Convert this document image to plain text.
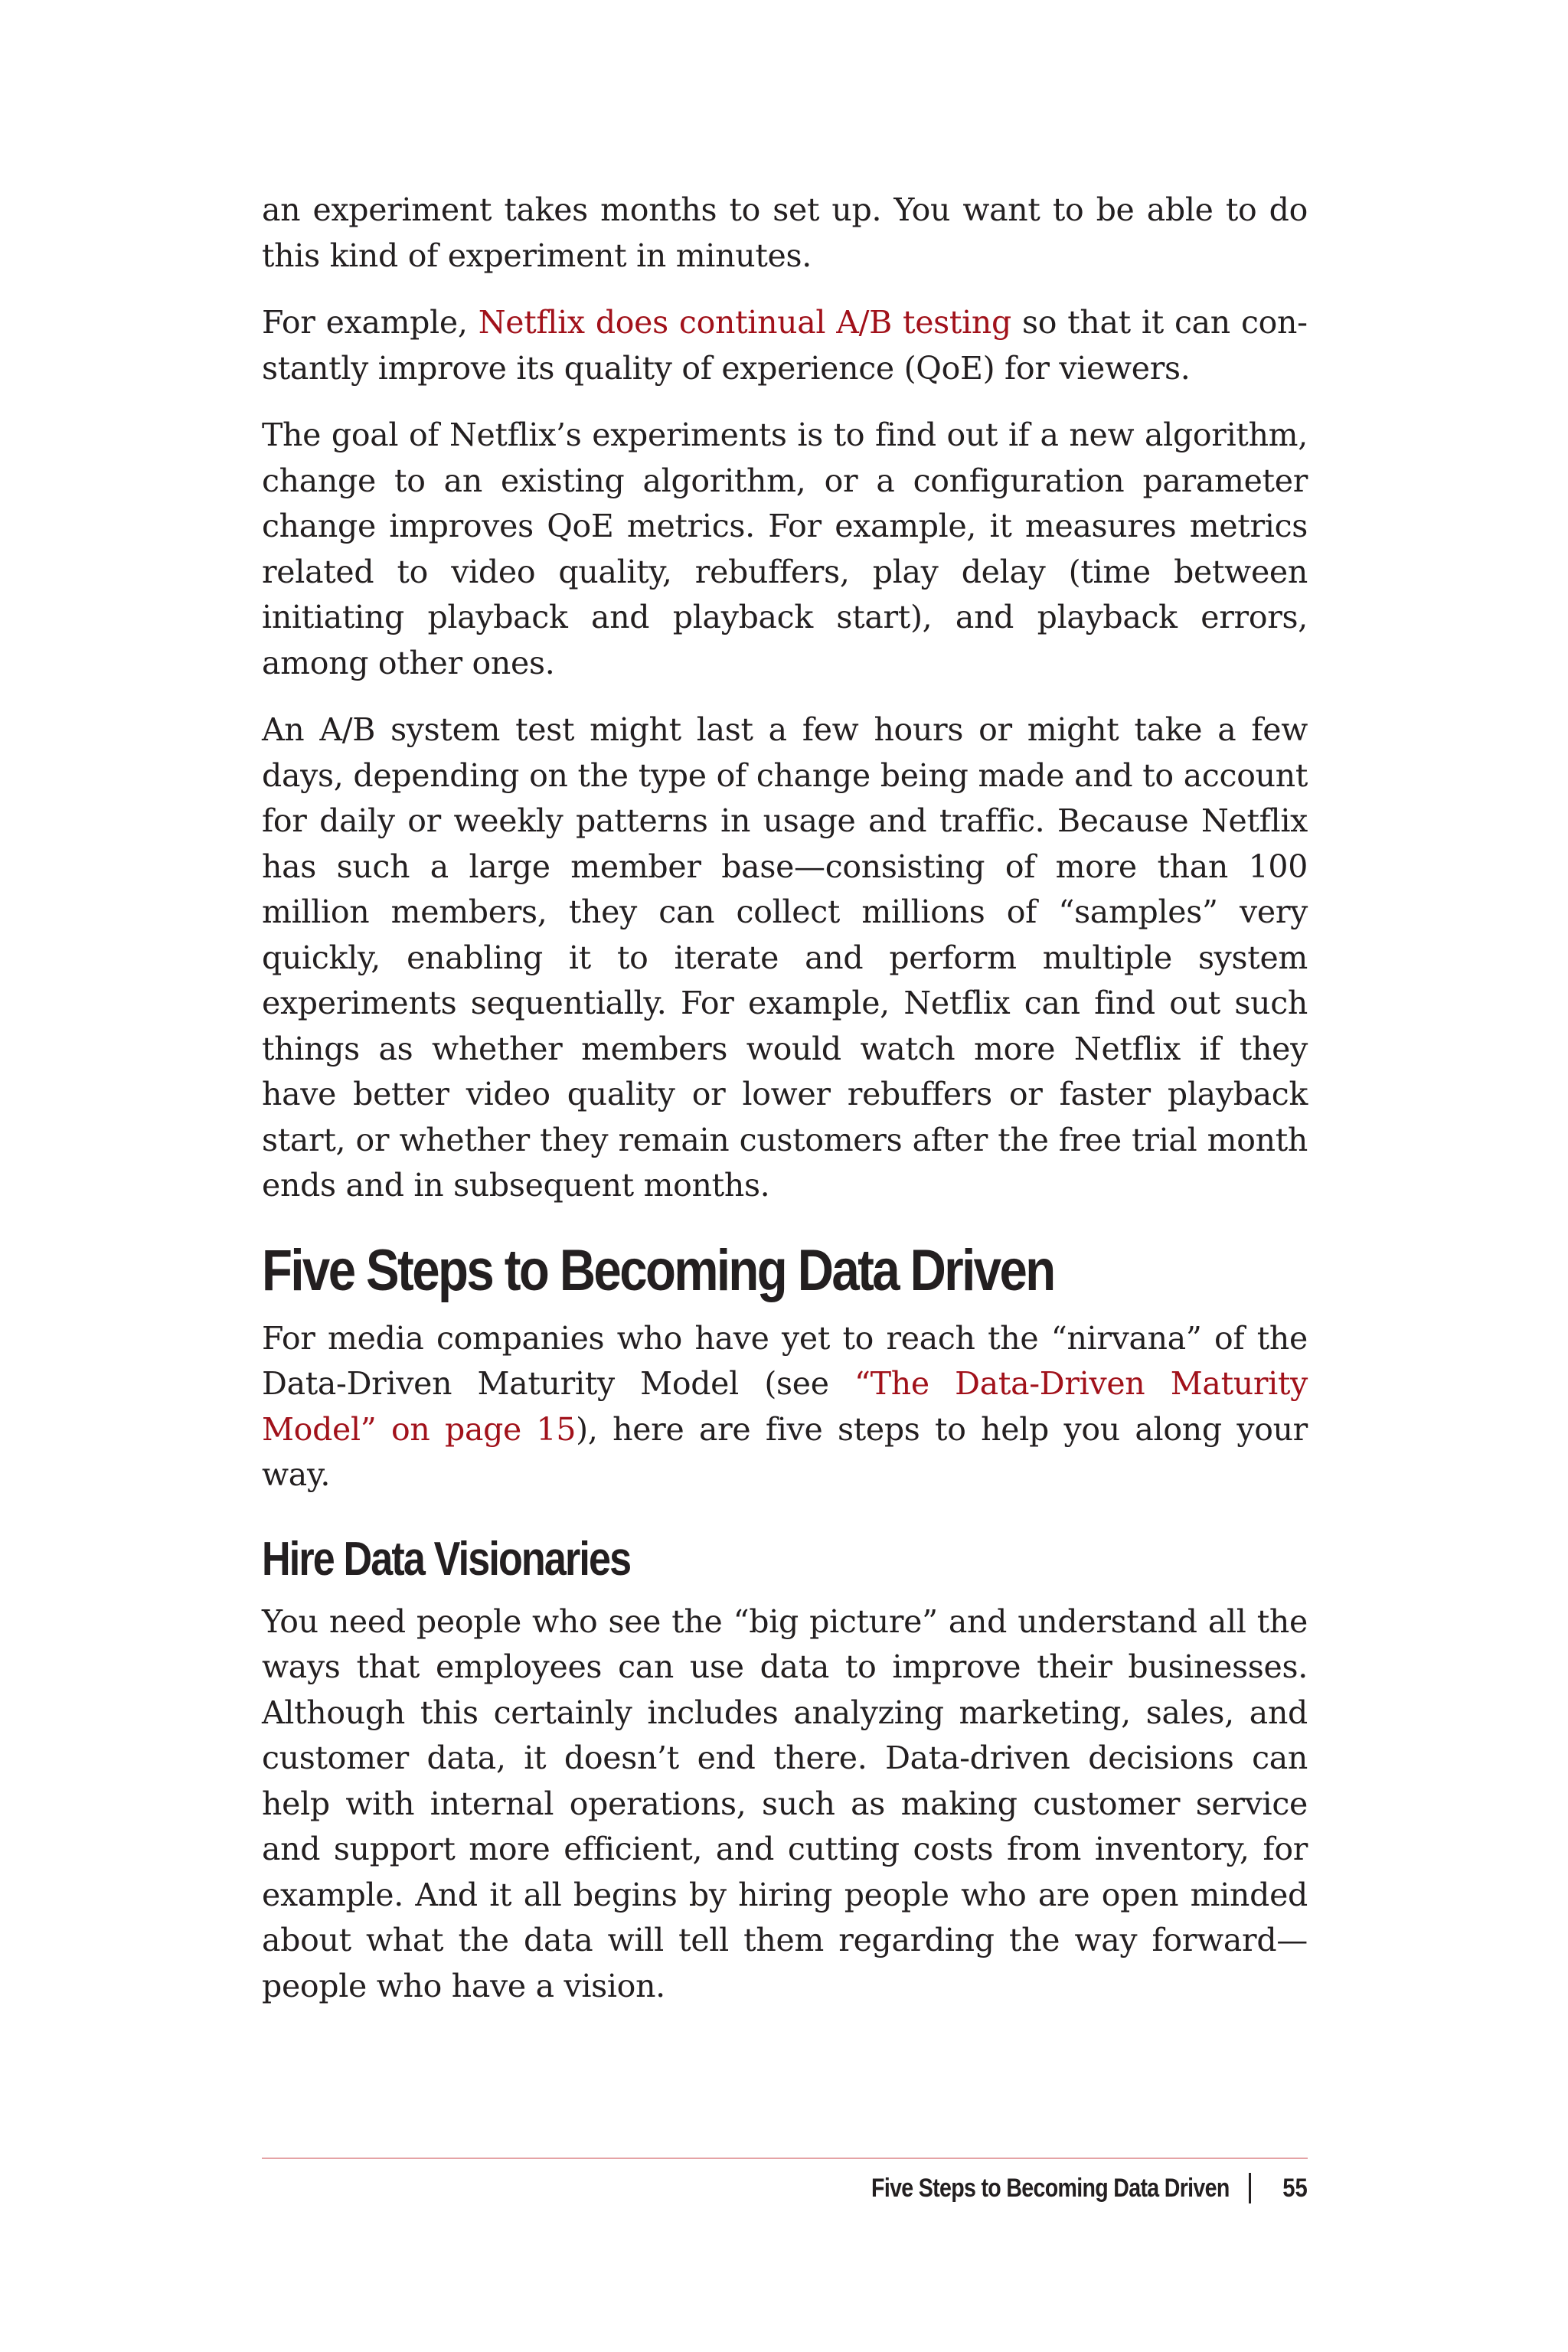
an experiment takes months to set up. You want to be able to do this kind of experiment in minutes.

For example, Netflix does continual A/B testing so that it can constantly improve its quality of experience (QoE) for viewers.

The goal of Netflix’s experiments is to find out if a new algorithm, change to an existing algorithm, or a configuration parameter change improves QoE metrics. For example, it measures metrics related to video quality, rebuffers, play delay (time between initiating playback and playback start), and playback errors, among other ones.

An A/B system test might last a few hours or might take a few days, depending on the type of change being made and to account for daily or weekly patterns in usage and traffic. Because Netflix has such a large member base—consisting of more than 100 million members, they can collect millions of “samples” very quickly, enabling it to iterate and perform multiple system experiments sequentially. For example, Netflix can find out such things as whether members would watch more Netflix if they have better video quality or lower rebuffers or faster playback start, or whether they remain customers after the free trial month ends and in subsequent months.

Five Steps to Becoming Data Driven

For media companies who have yet to reach the “nirvana” of the Data-Driven Maturity Model (see “The Data-Driven Maturity Model” on page 15), here are five steps to help you along your way.

Hire Data Visionaries

You need people who see the “big picture” and understand all the ways that employees can use data to improve their businesses. Although this certainly includes analyzing marketing, sales, and customer data, it doesn’t end there. Data-driven decisions can help with internal operations, such as making customer service and support more efficient, and cutting costs from inventory, for example. And it all begins by hiring people who are open minded about what the data will tell them regarding the way forward—people who have a vision.

Five Steps to Becoming Data Driven 55
